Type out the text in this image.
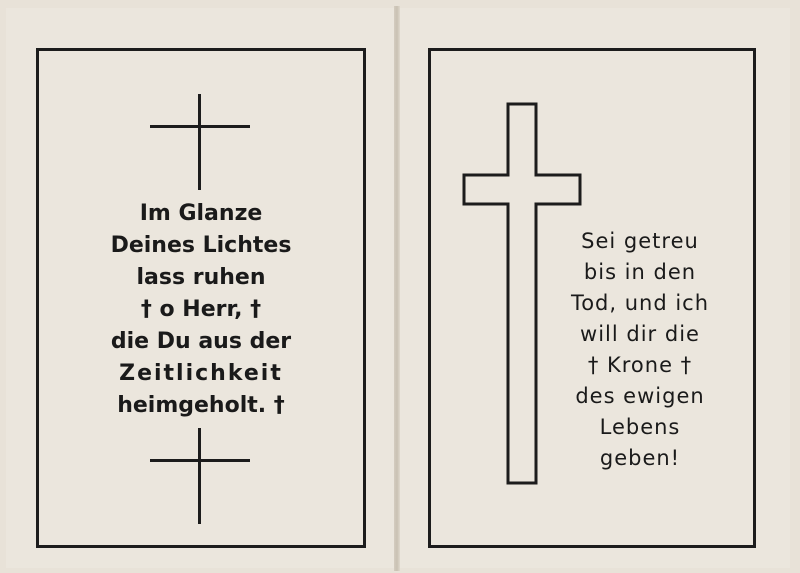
Im Glanze
Deines Lichtes
lass ruhen
† o Herr, †
die Du aus der
Zeitlichkeit
heimgeholt. †
Sei getreu
bis in den
Tod, und ich
will dir die
† Krone †
des ewigen
Lebens
geben!
